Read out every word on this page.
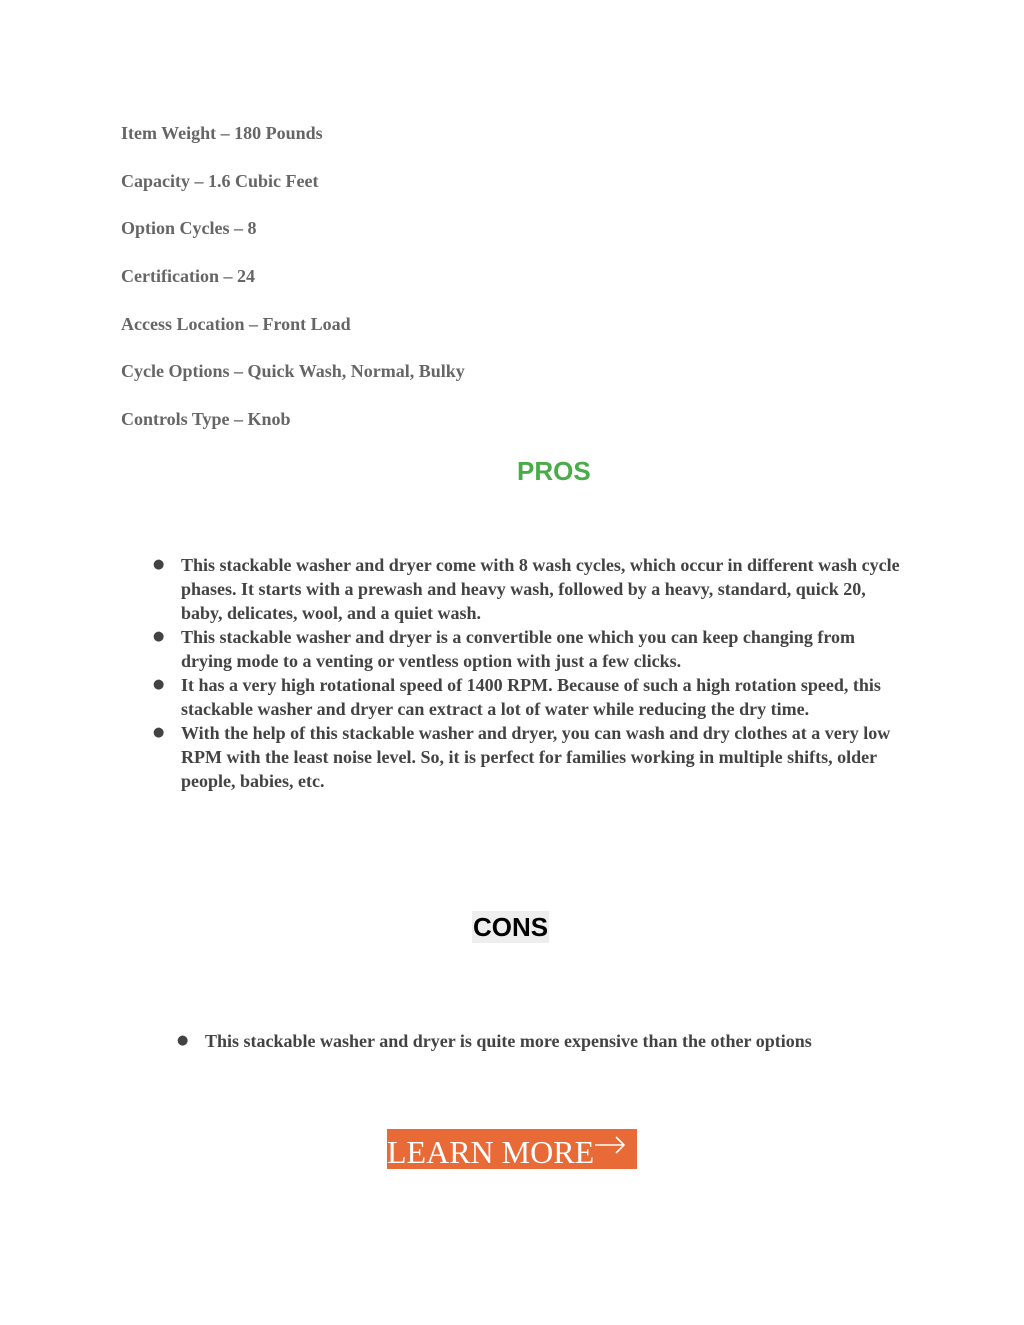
Item Weight – 180 Pounds

Capacity – 1.6 Cubic Feet

Option Cycles – 8

Certification – 24

Access Location – Front Load

Cycle Options – Quick Wash, Normal, Bulky

Controls Type – Knob

PROS
● This stackable washer and dryer come with 8 wash cycles, which occur in different wash cycle phases. It starts with a prewash and heavy wash, followed by a heavy, standard, quick 20, baby, delicates, wool, and a quiet wash.
● This stackable washer and dryer is a convertible one which you can keep changing from drying mode to a venting or ventless option with just a few clicks.
● It has a very high rotational speed of 1400 RPM. Because of such a high rotation speed, this stackable washer and dryer can extract a lot of water while reducing the dry time.
● With the help of this stackable washer and dryer, you can wash and dry clothes at a very low RPM with the least noise level. So, it is perfect for families working in multiple shifts, older people, babies, etc.
CONS
● This stackable washer and dryer is quite more expensive than the other options
LEARN MORE
